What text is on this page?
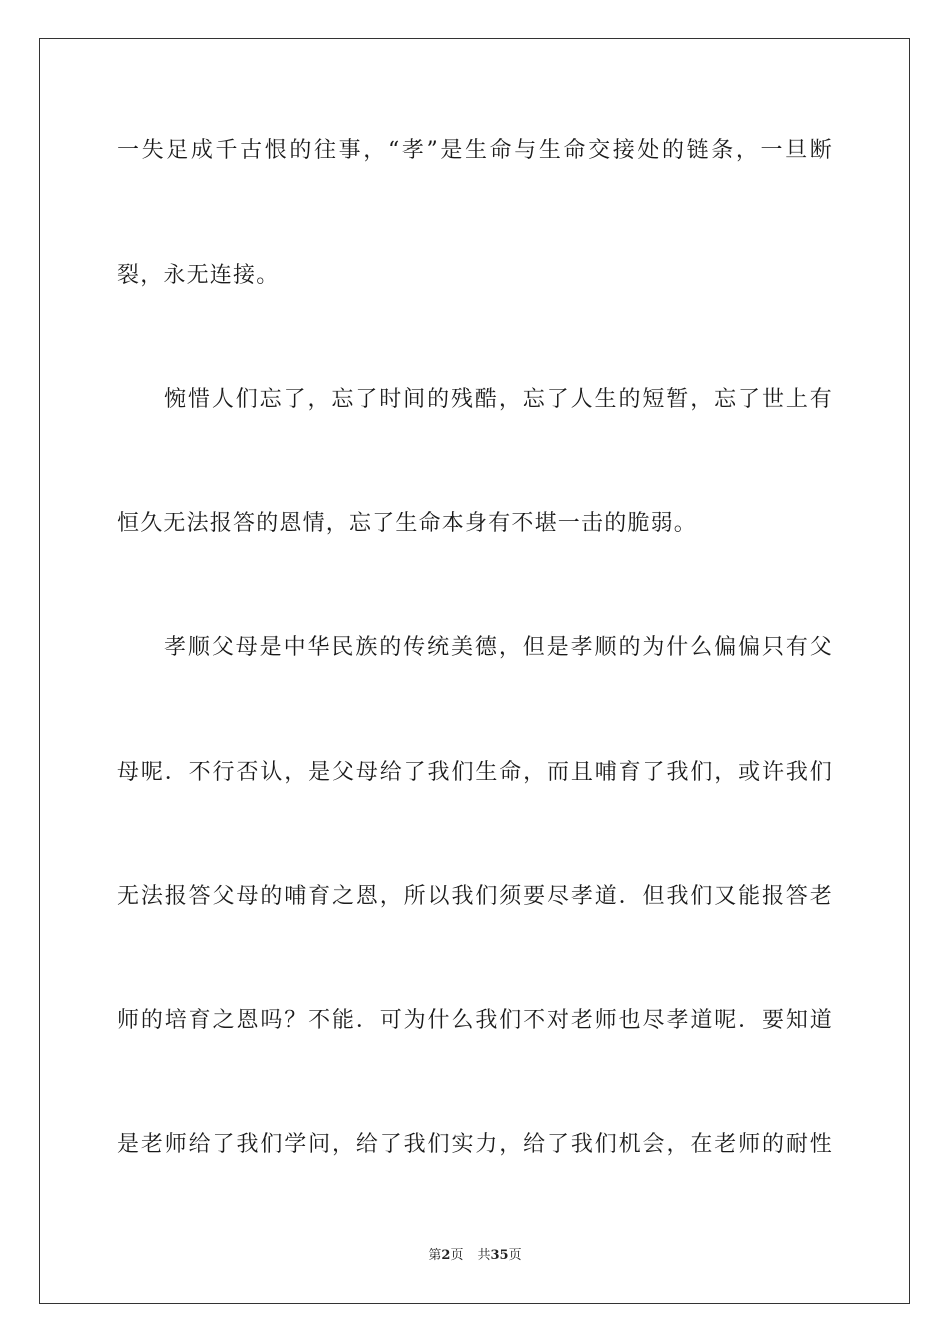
一失足成千古恨的往事，“孝”是生命与生命交接处的链条，一旦断
裂，永无连接。
惋惜人们忘了，忘了时间的残酷，忘了人生的短暂，忘了世上有
恒久无法报答的恩情，忘了生命本身有不堪一击的脆弱。
孝顺父母是中华民族的传统美德，但是孝顺的为什么偏偏只有父
母呢．不行否认，是父母给了我们生命，而且哺育了我们，或许我们
无法报答父母的哺育之恩，所以我们须要尽孝道．但我们又能报答老
师的培育之恩吗？不能．可为什么我们不对老师也尽孝道呢．要知道
是老师给了我们学问，给了我们实力，给了我们机会，在老师的耐性
第2页 共35页
